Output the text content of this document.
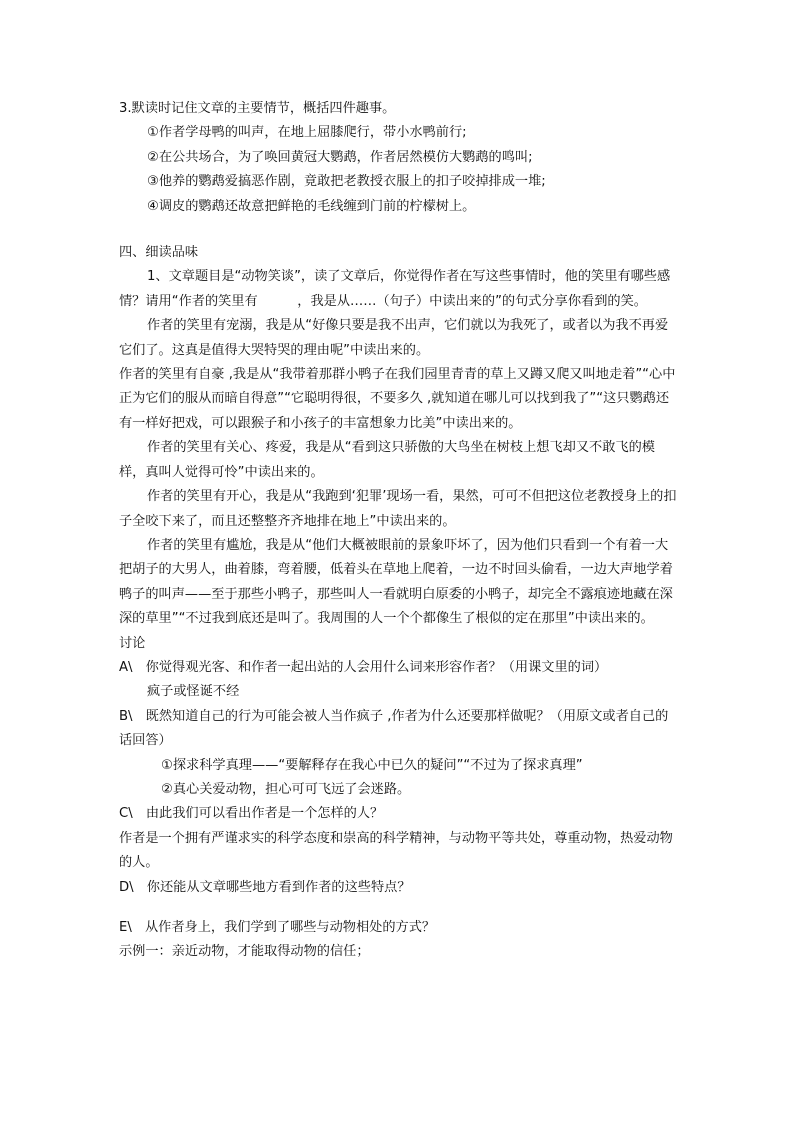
3.默读时记住文章的主要情节，概括四件趣事。

①作者学母鸭的叫声，在地上屈膝爬行，带小水鸭前行;

②在公共场合，为了唤回黄冠大鹦鹉，作者居然模仿大鹦鹉的鸣叫;

③他养的鹦鹉爱搞恶作剧，竟敢把老教授衣服上的扣子咬掉排成一堆;

④调皮的鹦鹉还故意把鲜艳的毛线缠到门前的柠檬树上。

四、细读品味

1、文章题目是“动物笑谈”，读了文章后，你觉得作者在写这些事情时，他的笑里有哪些感情？请用“作者的笑里有　　　，我是从……（句子）中读出来的”的句式分享你看到的笑。

作者的笑里有宠溺，我是从“好像只要是我不出声，它们就以为我死了，或者以为我不再爱它们了。这真是值得大哭特哭的理由呢”中读出来的。

作者的笑里有自豪 ,我是从“我带着那群小鸭子在我们园里青青的草上又蹲又爬又叫地走着”“心中正为它们的服从而暗自得意”“它聪明得很，不要多久 ,就知道在哪儿可以找到我了”“这只鹦鹉还有一样好把戏，可以跟猴子和小孩子的丰富想象力比美”中读出来的。

作者的笑里有关心、疼爱，我是从“看到这只骄傲的大鸟坐在树枝上想飞却又不敢飞的模样，真叫人觉得可怜”中读出来的。

作者的笑里有开心，我是从“我跑到‘犯罪’现场一看，果然，可可不但把这位老教授身上的扣子全咬下来了，而且还整整齐齐地排在地上”中读出来的。

作者的笑里有尴尬，我是从“他们大概被眼前的景象吓坏了，因为他们只看到一个有着一大把胡子的大男人，曲着膝，弯着腰，低着头在草地上爬着，一边不时回头偷看，一边大声地学着鸭子的叫声——至于那些小鸭子，那些叫人一看就明白原委的小鸭子，却完全不露痕迹地藏在深深的草里”“不过我到底还是叫了。我周围的人一个个都像生了根似的定在那里”中读出来的。

讨论

A\　你觉得观光客、和作者一起出站的人会用什么词来形容作者？（用课文里的词）

疯子或怪诞不经

B\　既然知道自己的行为可能会被人当作疯子 ,作者为什么还要那样做呢？（用原文或者自己的话回答）

①探求科学真理——“要解释存在我心中已久的疑问”“不过为了探求真理”

②真心关爱动物，担心可可飞远了会迷路。

C\　由此我们可以看出作者是一个怎样的人？

作者是一个拥有严谨求实的科学态度和崇高的科学精神，与动物平等共处，尊重动物，热爱动物的人。

D\　你还能从文章哪些地方看到作者的这些特点？

E\　从作者身上，我们学到了哪些与动物相处的方式？

示例一：亲近动物，才能取得动物的信任；
